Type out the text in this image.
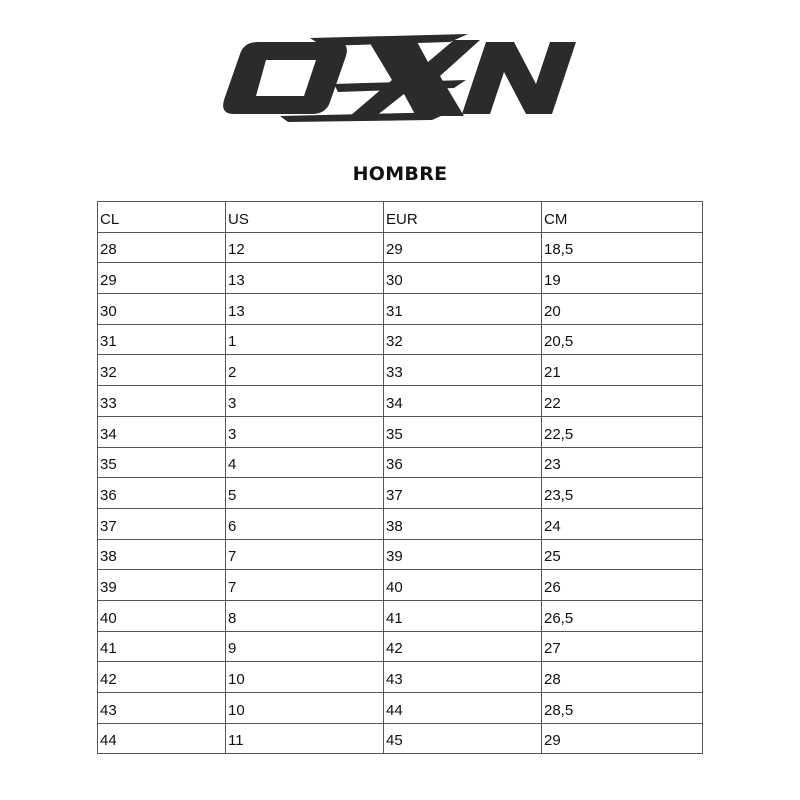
HOMBRE
CL	US	EUR	CM
28	12	29	18,5
29	13	30	19
30	13	31	20
31	1	32	20,5
32	2	33	21
33	3	34	22
34	3	35	22,5
35	4	36	23
36	5	37	23,5
37	6	38	24
38	7	39	25
39	7	40	26
40	8	41	26,5
41	9	42	27
42	10	43	28
43	10	44	28,5
44	11	45	29
